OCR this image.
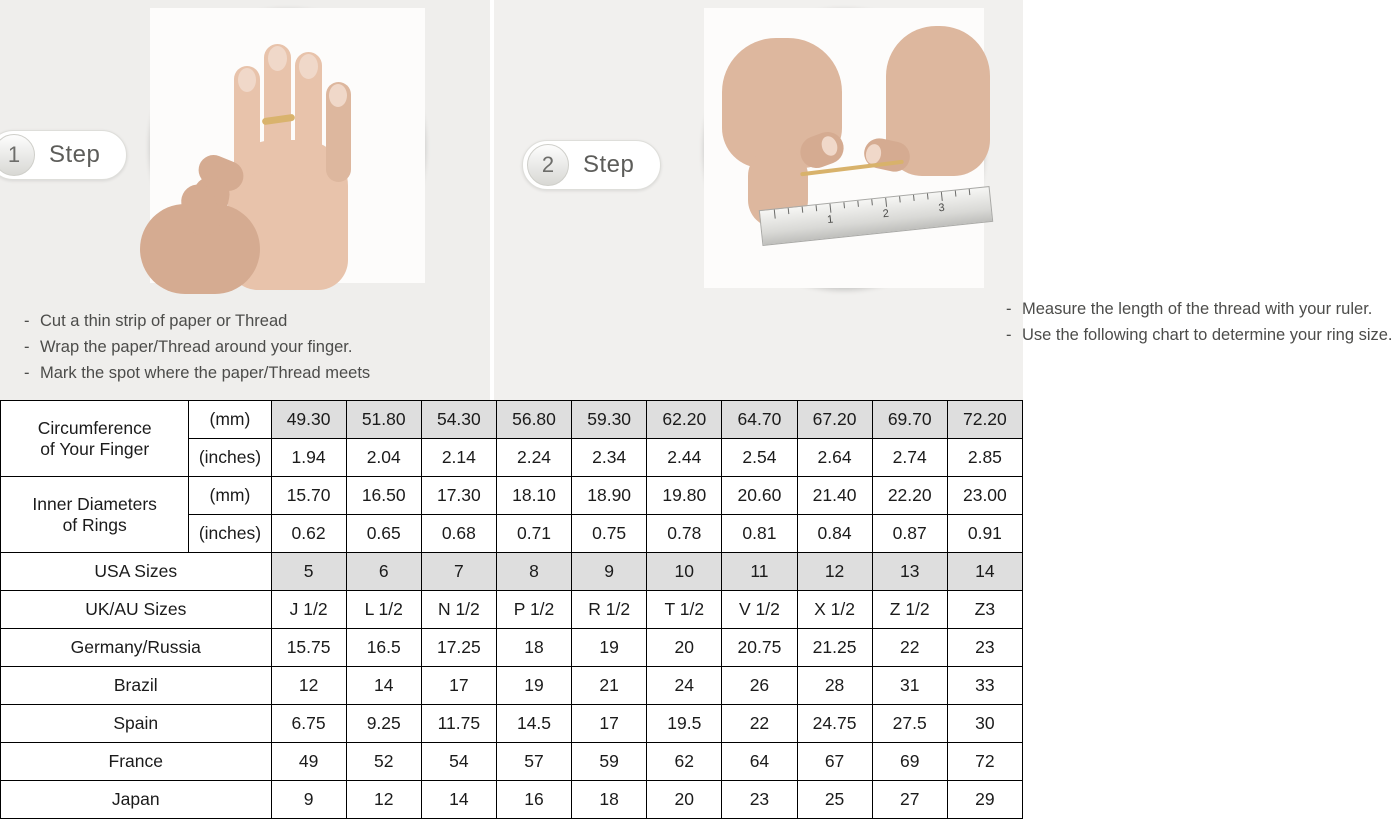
1	Step
- Cut a thin strip of paper or Thread
- Wrap the paper/Thread around your finger.
- Mark the spot where the paper/Thread meets
1	2	3
2	Step
- Measure the length of the thread with your ruler.
- Use the following chart to determine your ring size.
Circumference
of Your Finger	(mm)	49.30	51.80	54.30	56.80	59.30	62.20	64.70	67.20	69.70	72.20
	(inches)	1.94	2.04	2.14	2.24	2.34	2.44	2.54	2.64	2.74	2.85

Inner Diameters
of Rings	(mm)	15.70	16.50	17.30	18.10	18.90	19.80	20.60	21.40	22.20	23.00
	(inches)	0.62	0.65	0.68	0.71	0.75	0.78	0.81	0.84	0.87	0.91
USA Sizes		5	6	7	8	9	10	11	12	13	14
UK/AU Sizes		J 1/2	L 1/2	N 1/2	P 1/2	R 1/2	T 1/2	V 1/2	X 1/2	Z 1/2	Z3
Germany/Russia		15.75	16.5	17.25	18	19	20	20.75	21.25	22	23
Brazil		12	14	17	19	21	24	26	28	31	33
Spain		6.75	9.25	11.75	14.5	17	19.5	22	24.75	27.5	30
France		49	52	54	57	59	62	64	67	69	72
Japan		9	12	14	16	18	20	23	25	27	29
